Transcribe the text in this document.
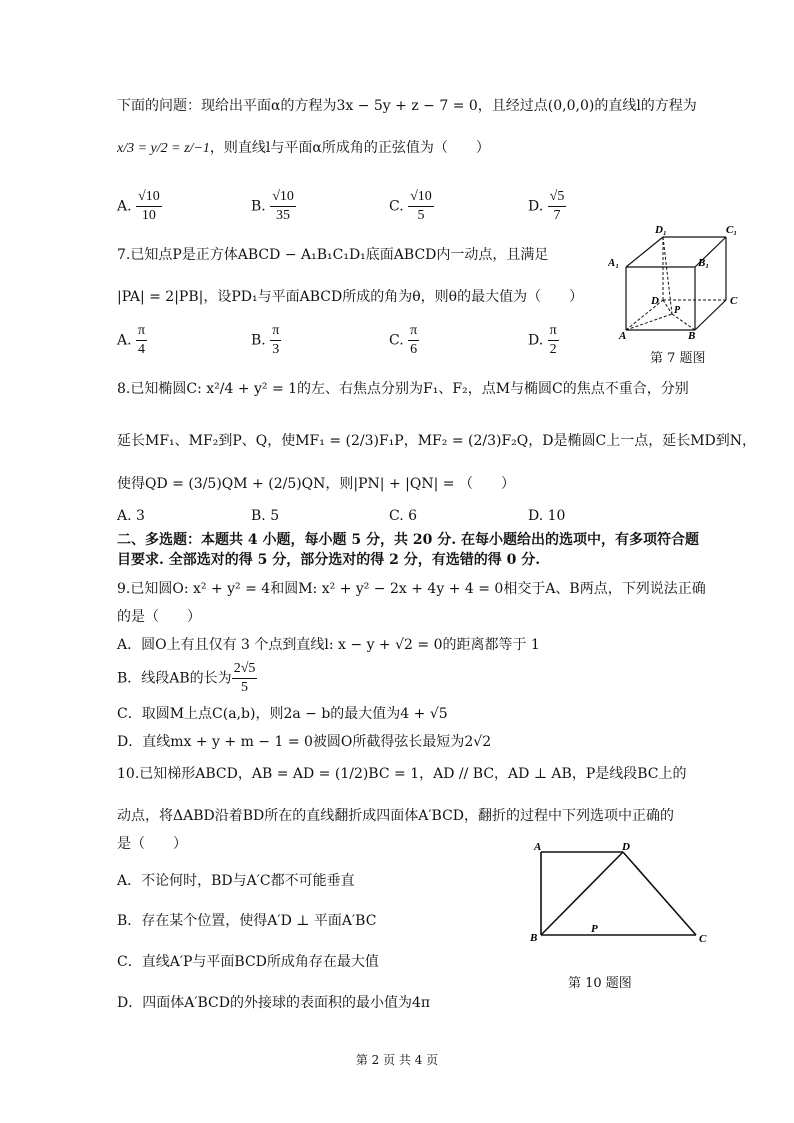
下面的问题：现给出平面α的方程为3x − 5y + z − 7 = 0，且经过点(0,0,0)的直线l的方程为
x/3 = y/2 = z/−1，则直线l与平面α所成角的正弦值为（　　）
A. $\frac{√10}{10}$	B. $\frac{√10}{35}$	C. $\frac{√10}{5}$	D. $\frac{√5}{7}$
7.已知点P是正方体ABCD − A₁B₁C₁D₁底面ABCD内一动点，且满足
|PA| = 2|PB|，设PD₁与平面ABCD所成的角为θ，则θ的最大值为（　　）
A. $\frac{\pi}{4}$	B. $\frac{\pi}{3}$	C. $\frac{\pi}{6}$	D. $\frac{\pi}{2}$
A₁	B₁
D₁	C₁
A	B
C
D
P
第 7 题图
8.已知椭圆C: x²/4 + y² = 1的左、右焦点分别为F₁、F₂，点M与椭圆C的焦点不重合，分别
延长MF₁、MF₂到P、Q，使MF₁ = (2/3)F₁P，MF₂ = (2/3)F₂Q，D是椭圆C上一点，延长MD到N，
使得QD = (3/5)QM + (2/5)QN，则|PN| + |QN| = （　　）
A. 3	B. 5	C. 6	D. 10
二、多选题：本题共 4 小题，每小题 5 分，共 20 分. 在每小题给出的选项中，有多项符合题
目要求. 全部选对的得 5 分，部分选对的得 2 分，有选错的得 0 分.
9.已知圆O: x² + y² = 4和圆M: x² + y² − 2x + 4y + 4 = 0相交于A、B两点，下列说法正确
的是（　　）
A．圆O上有且仅有 3 个点到直线l: x − y + √2 = 0的距离都等于 1
B．线段AB的长为 $\frac{2√5}{5}$
C．取圆M上点C(a,b)，则2a − b的最大值为4 + √5
D．直线mx + y + m − 1 = 0被圆O所截得弦长最短为2√2
10.已知梯形ABCD，AB = AD = (1/2)BC = 1，AD // BC，AD ⊥ AB，P是线段BC上的
动点，将ΔABD沿着BD所在的直线翻折成四面体A′BCD，翻折的过程中下列选项中正确的
是（　　）
A．不论何时，BD与A′C都不可能垂直
B．存在某个位置，使得A′D ⊥ 平面A′BC
C．直线A′P与平面BCD所成角存在最大值
D．四面体A′BCD的外接球的表面积的最小值为4π
A	D
B	C
P
第 10 题图
第 2 页 共 4 页
